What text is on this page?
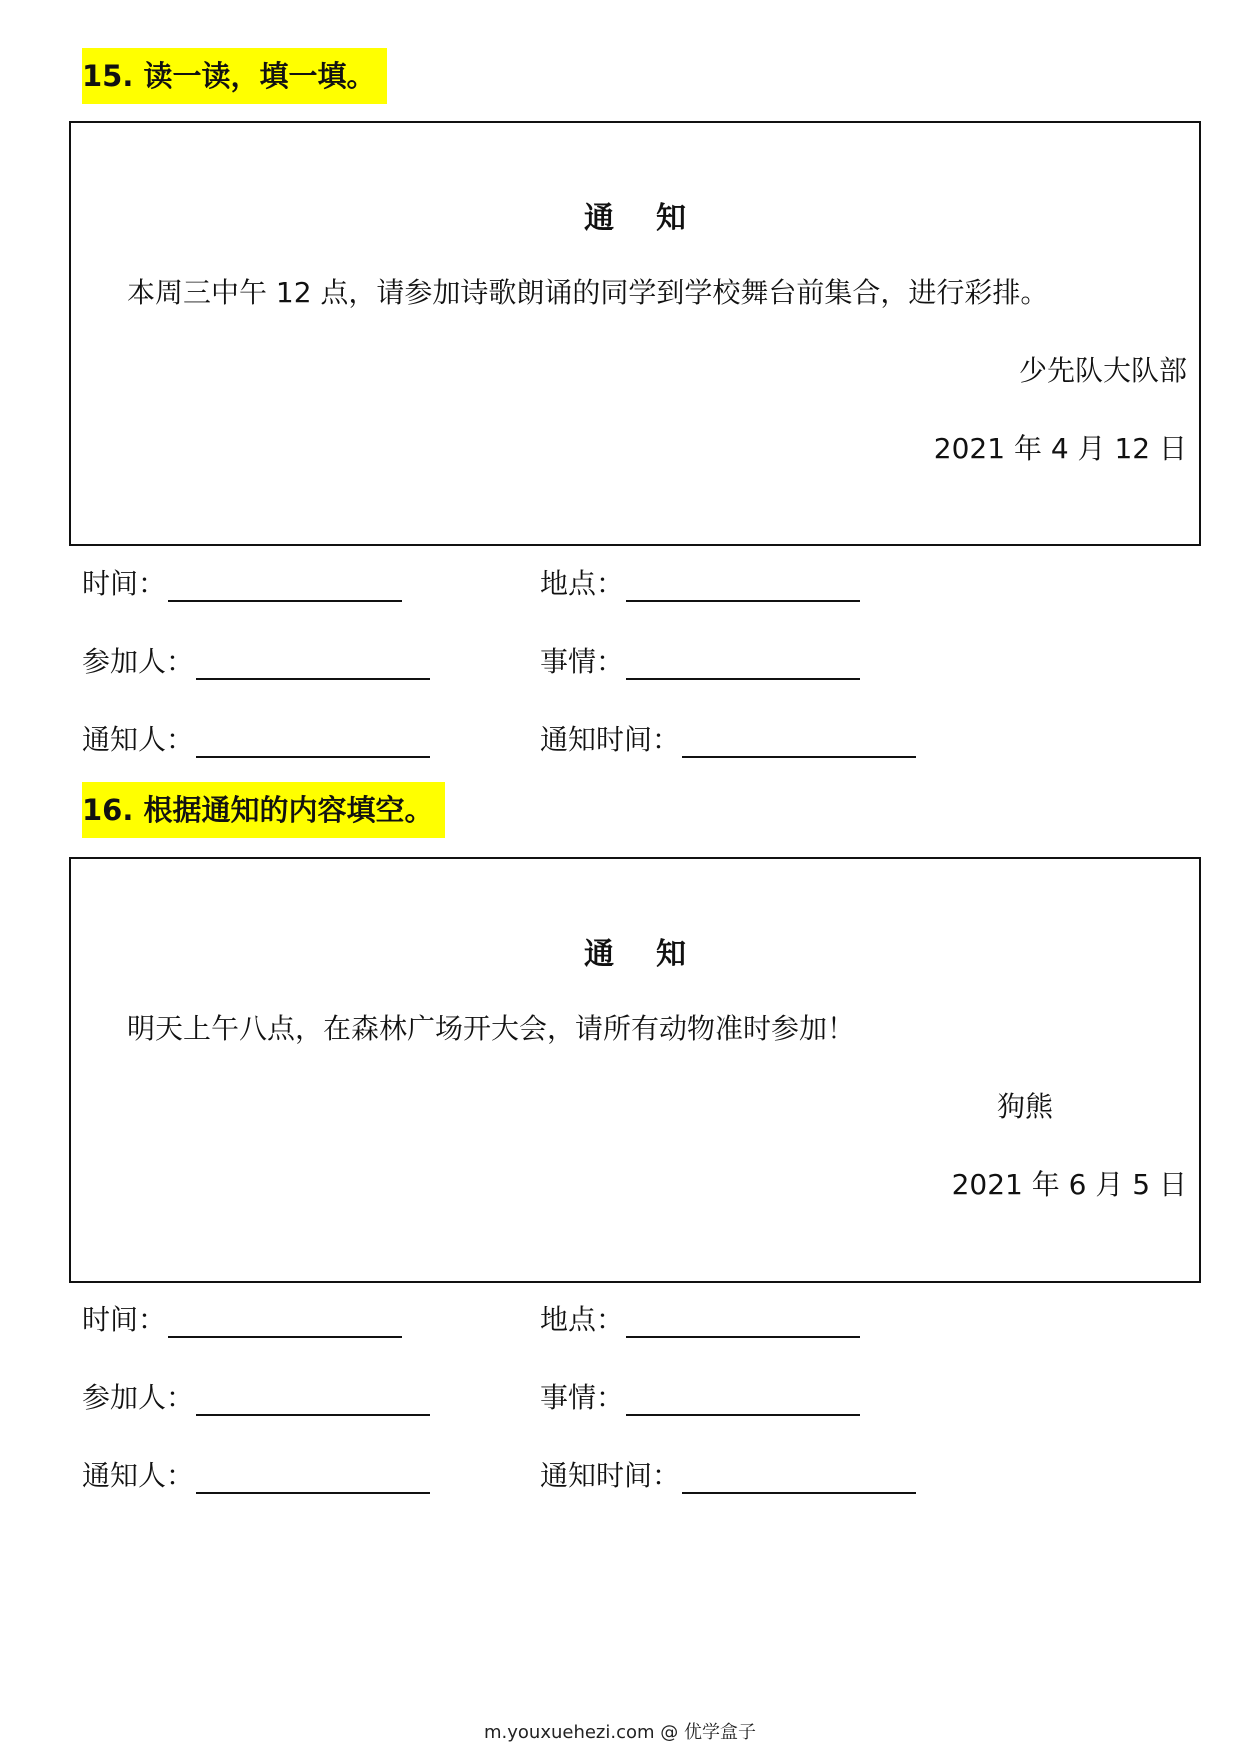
15. 读一读，填一填。
通知
本周三中午 12 点，请参加诗歌朗诵的同学到学校舞台前集合，进行彩排。
少先队大队部
2021 年 4 月 12 日
时间：	地点：
参加人：	事情：
通知人：	通知时间：
16. 根据通知的内容填空。
通知
明天上午八点，在森林广场开大会，请所有动物准时参加！
狗熊
2021 年 6 月 5 日
时间：	地点：
参加人：	事情：
通知人：	通知时间：
m.youxuehezi.com @ 优学盒子
